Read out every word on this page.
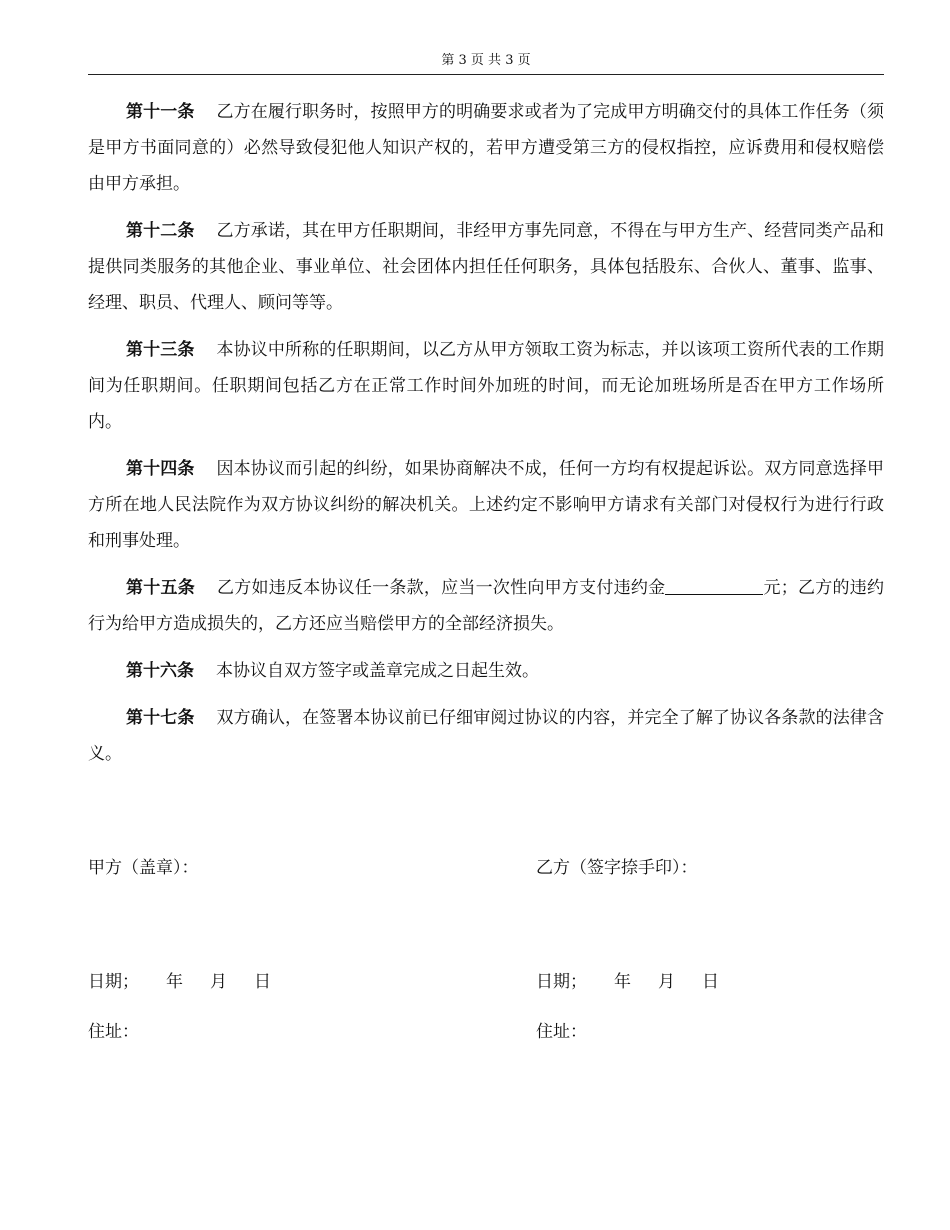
第 3 页 共 3 页

第十一条 乙方在履行职务时，按照甲方的明确要求或者为了完成甲方明确交付的具体工作任务（须是甲方书面同意的）必然导致侵犯他人知识产权的，若甲方遭受第三方的侵权指控，应诉费用和侵权赔偿由甲方承担。

第十二条 乙方承诺，其在甲方任职期间，非经甲方事先同意，不得在与甲方生产、经营同类产品和提供同类服务的其他企业、事业单位、社会团体内担任任何职务，具体包括股东、合伙人、董事、监事、经理、职员、代理人、顾问等等。

第十三条 本协议中所称的任职期间，以乙方从甲方领取工资为标志，并以该项工资所代表的工作期间为任职期间。任职期间包括乙方在正常工作时间外加班的时间，而无论加班场所是否在甲方工作场所内。

第十四条 因本协议而引起的纠纷，如果协商解决不成，任何一方均有权提起诉讼。双方同意选择甲方所在地人民法院作为双方协议纠纷的解决机关。上述约定不影响甲方请求有关部门对侵权行为进行行政和刑事处理。

第十五条 乙方如违反本协议任一条款，应当一次性向甲方支付违约金	元；乙方的违约行为给甲方造成损失的，乙方还应当赔偿甲方的全部经济损失。

第十六条 本协议自双方签字或盖章完成之日起生效。

第十七条 双方确认，在签署本协议前已仔细审阅过协议的内容，并完全了解了协议各条款的法律含义。

甲方（盖章）：	乙方（签字捺手印）：
日期；     年     月     日	日期；     年     月     日
住址：	住址：
